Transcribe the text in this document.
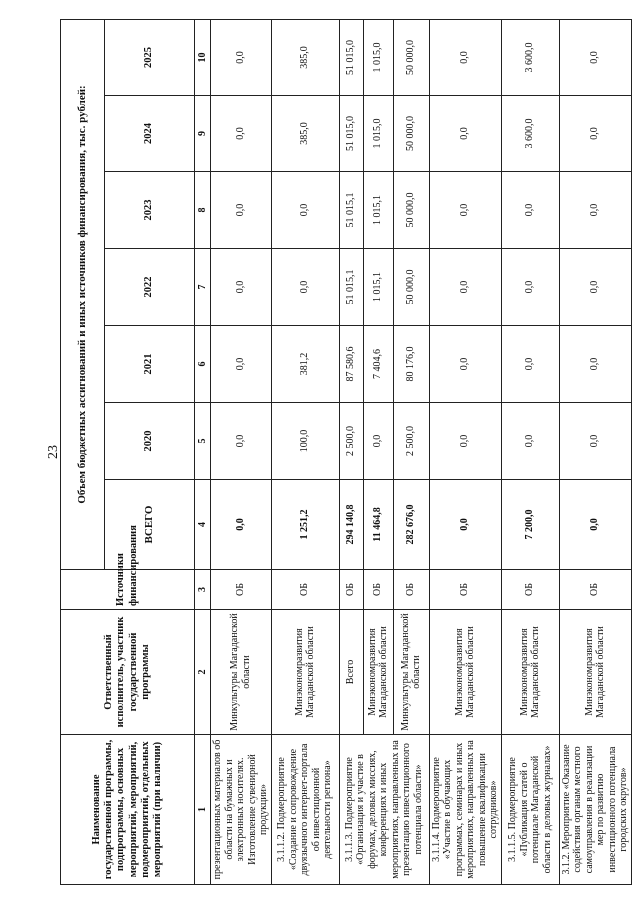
23
Наименование государственной программы, подпрограммы, основных мероприятий, мероприятий, подмероприятий, отдельных мероприятий (при наличии)	Ответственный исполнитель, участник государственной программы	Источники финансирования	Объем бюджетных ассигнований и иных источников финансирования, тыс. рублей:						
			ВСЕГО	2020	2021	2022	2023	2024	2025
1	2	3	4	5	6	7	8	9	10
презентационных материалов об области на бумажных и электронных носителях. Изготовление сувенирной продукции»	Минкультуры Магаданской области	ОБ	0,0	0,0	0,0	0,0	0,0	0,0	0,0
3.1.1.2. Подмероприятие «Создание и сопровождение двуязычного интернет-портала об инвестиционной деятельности региона»	Минэкономразвития Магаданской области	ОБ	1 251,2	100,0	381,2	0,0	0,0	385,0	385,0
3.1.1.3. Подмероприятие «Организация и участие в форумах, деловых миссиях, конференциях и иных мероприятиях, направленных на презентацию инвестиционного потенциала области»	Всего	ОБ	294 140,8	2 500,0	87 580,6	51 015,1	51 015,1	51 015,0	51 015,0
	Минэкономразвития Магаданской области	ОБ	11 464,8	0,0	7 404,6	1 015,1	1 015,1	1 015,0	1 015,0
	Минкультуры Магаданской области	ОБ	282 676,0	2 500,0	80 176,0	50 000,0	50 000,0	50 000,0	50 000,0
3.1.1.4. Подмероприятие «Участие в обучающих программах, семинарах и иных мероприятиях, направленных на повышение квалификации сотрудников»	Минэкономразвития Магаданской области	ОБ	0,0	0,0	0,0	0,0	0,0	0,0	0,0
3.1.1.5. Подмероприятие «Публикация статей о потенциале Магаданской области в деловых журналах»	Минэкономразвития Магаданской области	ОБ	7 200,0	0,0	0,0	0,0	0,0	3 600,0	3 600,0
3.1.2. Мероприятие «Оказание содействия органам местного самоуправления в реализации мер по развитию инвестиционного потенциала городских округов»	Минэкономразвития Магаданской области	ОБ	0,0	0,0	0,0	0,0	0,0	0,0	0,0
